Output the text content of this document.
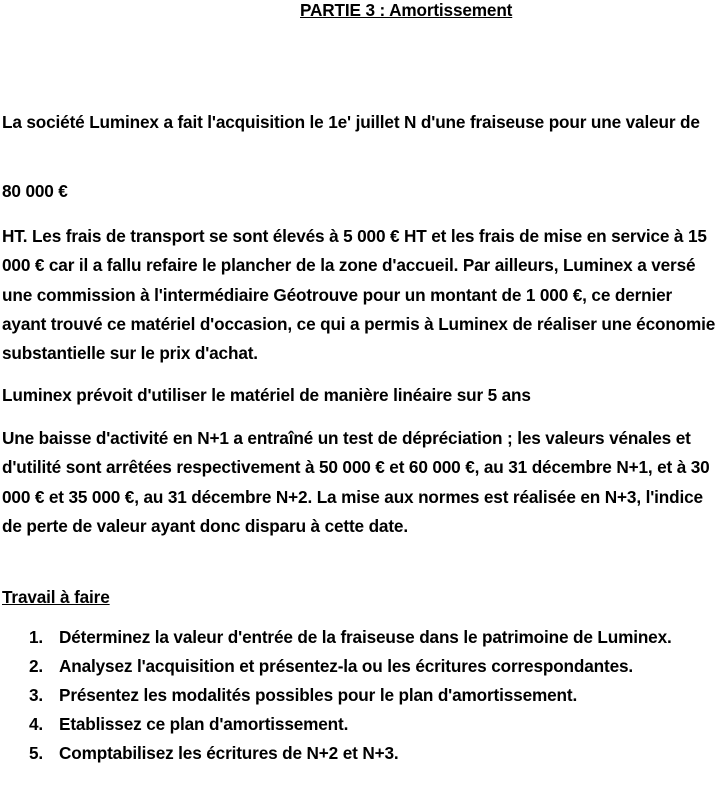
PARTIE 3 : Amortissement

La société Luminex a fait l'acquisition le 1e' juillet N d'une fraiseuse pour une valeur de

80 000 €

HT. Les frais de transport se sont élevés à 5 000 € HT et les frais de mise en service à 15 000 € car il a fallu refaire le plancher de la zone d'accueil. Par ailleurs, Luminex a versé une commission à l'intermédiaire Géotrouve pour un montant de 1 000 €, ce dernier ayant trouvé ce matériel d'occasion, ce qui a permis à Luminex de réaliser une économie substantielle sur le prix d'achat.

Luminex prévoit d'utiliser le matériel de manière linéaire sur 5 ans

Une baisse d'activité en N+1 a entraîné un test de dépréciation ; les valeurs vénales et d'utilité sont arrêtées respectivement à 50 000 € et 60 000 €, au 31 décembre N+1, et à 30 000 € et 35 000 €, au 31 décembre N+2. La mise aux normes est réalisée en N+3, l'indice de perte de valeur ayant donc disparu à cette date.

Travail à faire
1. Déterminez la valeur d'entrée de la fraiseuse dans le patrimoine de Luminex.
2. Analysez l'acquisition et présentez-la ou les écritures correspondantes.
3. Présentez les modalités possibles pour le plan d'amortissement.
4. Etablissez ce plan d'amortissement.
5. Comptabilisez les écritures de N+2 et N+3.
